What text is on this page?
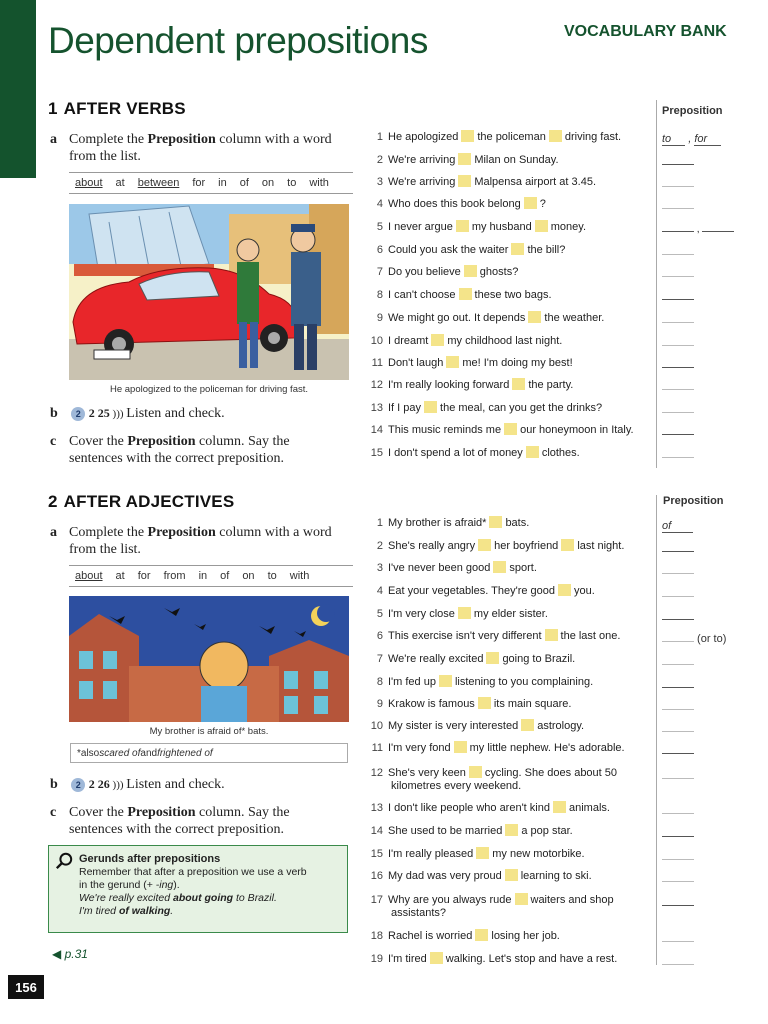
Dependent prepositions	VOCABULARY BANK
1 AFTER VERBS
a Complete the Preposition column with a word from the list.
about at between for in of on to with
He apologized to the policeman for driving fast.
b 2 2 25 ))) Listen and check.
c Cover the Preposition column. Say the sentences with the correct preposition.
1 He apologized the policeman driving fast.
2 We're arriving Milan on Sunday.
3 We're arriving Malpensa airport at 3.45.
4 Who does this book belong ?
5 I never argue my husband money.
6 Could you ask the waiter the bill?
7 Do you believe ghosts?
8 I can't choose these two bags.
9 We might go out. It depends the weather.
10 I dreamt my childhood last night.
11 Don't laugh me! I'm doing my best!
12 I'm really looking forward the party.
13 If I pay the meal, can you get the drinks?
14 This music reminds me our honeymoon in Italy.
15 I don't spend a lot of money clothes.
Preposition
to , for
,
2 AFTER ADJECTIVES
a Complete the Preposition column with a word from the list.
about at for from in of on to with
My brother is afraid of* bats.
*also scared of and frightened of
b 2 2 26 ))) Listen and check.
c Cover the Preposition column. Say the sentences with the correct preposition.
Gerunds after prepositions
Remember that after a preposition we use a verb
in the gerund (+ -ing).
We're really excited about going to Brazil.
I'm tired of walking.
◀ p.31
1 My brother is afraid* bats.
2 She's really angry her boyfriend last night.
3 I've never been good sport.
4 Eat your vegetables. They're good you.
5 I'm very close my elder sister.
6 This exercise isn't very different the last one.
7 We're really excited going to Brazil.
8 I'm fed up listening to you complaining.
9 Krakow is famous its main square.
10 My sister is very interested astrology.
11 I'm very fond my little nephew. He's adorable.
12 She's very keen cycling. She does about 50
kilometres every weekend.
13 I don't like people who aren't kind animals.
14 She used to be married a pop star.
15 I'm really pleased my new motorbike.
16 My dad was very proud learning to ski.
17 Why are you always rude waiters and shop
assistants?
18 Rachel is worried losing her job.
19 I'm tired walking. Let's stop and have a rest.
Preposition
of
(or to)
156
